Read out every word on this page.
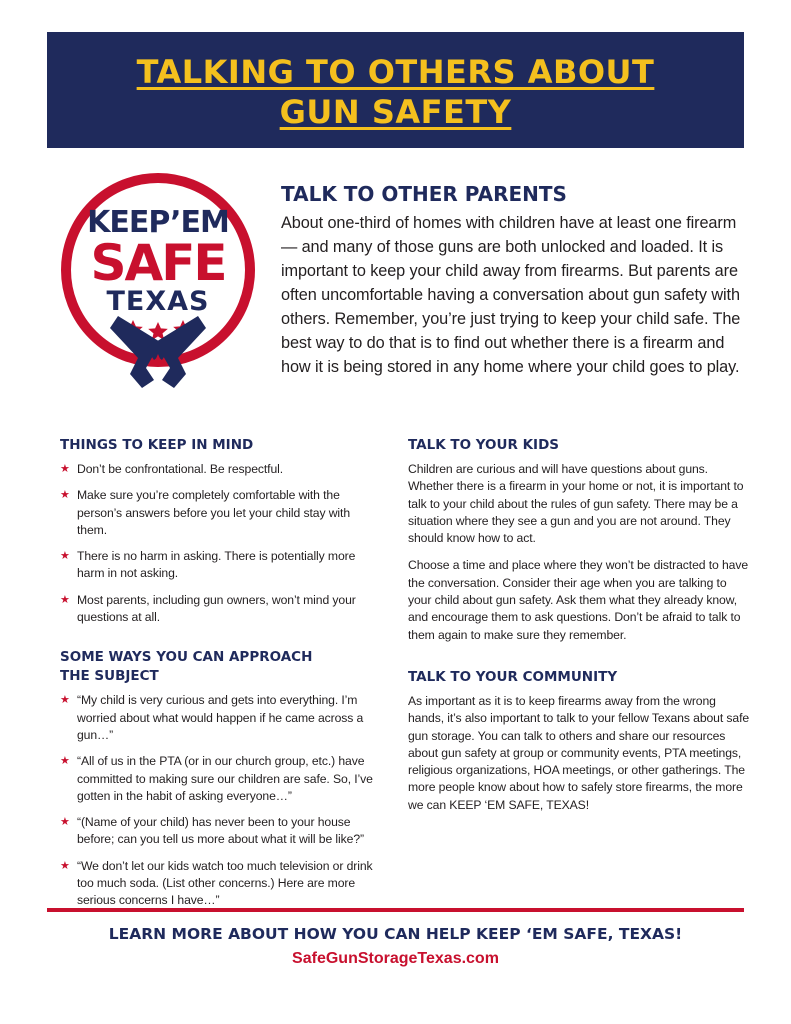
TALKING TO OTHERS ABOUT
GUN SAFETY
KEEP’EM
SAFE
TEXAS
TALK TO OTHER PARENTS

About one-third of homes with children have at least one firearm — and many of those guns are both unlocked and loaded. It is important to keep your child away from firearms. But parents are often uncomfortable having a conversation about gun safety with others. Remember, you’re just trying to keep your child safe. The best way to do that is to find out whether there is a firearm and how it is being stored in any home where your child goes to play.

THINGS TO KEEP IN MIND
★ Don’t be confrontational. Be respectful.
★ Make sure you’re completely comfortable with the person’s answers before you let your child stay with them.
★ There is no harm in asking. There is potentially more harm in not asking.
★ Most parents, including gun owners, won’t mind your questions at all.
SOME WAYS YOU CAN APPROACH
THE SUBJECT
★ “My child is very curious and gets into everything. I’m worried about what would happen if he came across a gun…”
★ “All of us in the PTA (or in our church group, etc.) have committed to making sure our children are safe. So, I’ve gotten in the habit of asking everyone…”
★ “(Name of your child) has never been to your house before; can you tell us more about what it will be like?”
★ “We don’t let our kids watch too much television or drink too much soda. (List other concerns.) Here are more serious concerns I have…”
TALK TO YOUR KIDS

Children are curious and will have questions about guns. Whether there is a firearm in your home or not, it is important to talk to your child about the rules of gun safety. There may be a situation where they see a gun and you are not around. They should know how to act.

Choose a time and place where they won’t be distracted to have the conversation. Consider their age when you are talking to your child about gun safety. Ask them what they already know, and encourage them to ask questions. Don’t be afraid to talk to them again to make sure they remember.

TALK TO YOUR COMMUNITY

As important as it is to keep firearms away from the wrong hands, it’s also important to talk to your fellow Texans about safe gun storage. You can talk to others and share our resources about gun safety at group or community events, PTA meetings, religious organizations, HOA meetings, or other gatherings. The more people know about how to safely store firearms, the more we can KEEP ‘EM SAFE, TEXAS!

LEARN MORE ABOUT HOW YOU CAN HELP KEEP ‘EM SAFE, TEXAS!
SafeGunStorageTexas.com
